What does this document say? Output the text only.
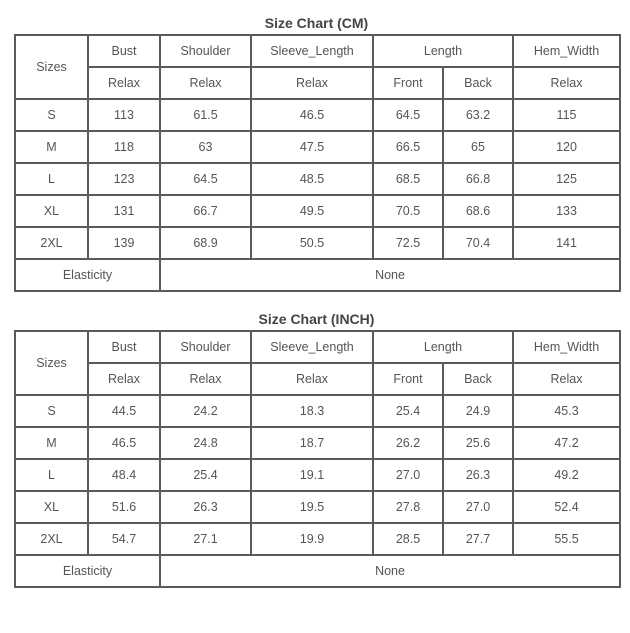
Size Chart (CM)
Sizes	Bust	Shoulder	Sleeve_Length	Length		Hem_Width
	Relax	Relax	Relax	Front	Back	Relax
S	113	61.5	46.5	64.5	63.2	115
M	118	63	47.5	66.5	65	120
L	123	64.5	48.5	68.5	66.8	125
XL	131	66.7	49.5	70.5	68.6	133
2XL	139	68.9	50.5	72.5	70.4	141
Elasticity		None				
Size Chart (INCH)
Sizes	Bust	Shoulder	Sleeve_Length	Length		Hem_Width
	Relax	Relax	Relax	Front	Back	Relax
S	44.5	24.2	18.3	25.4	24.9	45.3
M	46.5	24.8	18.7	26.2	25.6	47.2
L	48.4	25.4	19.1	27.0	26.3	49.2
XL	51.6	26.3	19.5	27.8	27.0	52.4
2XL	54.7	27.1	19.9	28.5	27.7	55.5
Elasticity		None				
